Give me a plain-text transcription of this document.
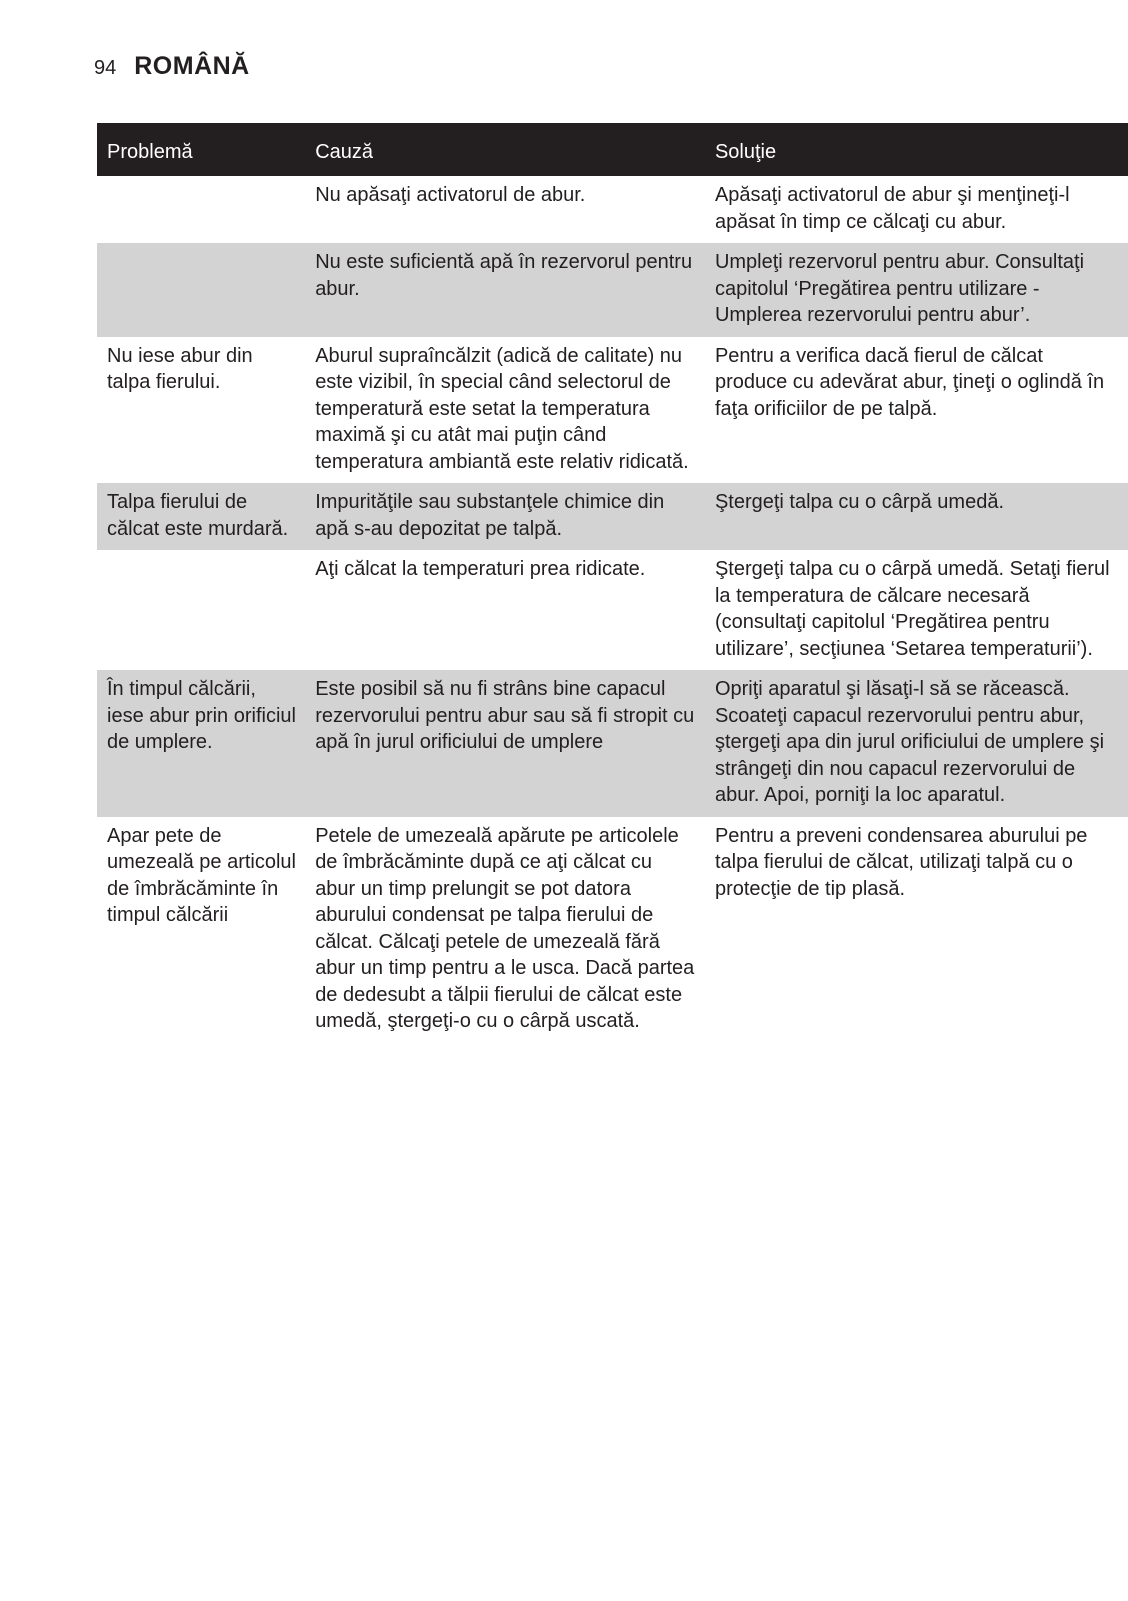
94 ROMÂNĂ
Problemă	Cauză	Soluţie
	Nu apăsaţi activatorul de abur.	Apăsaţi activatorul de abur şi menţineţi-l apăsat în timp ce călcaţi cu abur.
	Nu este suficientă apă în rezervorul pentru abur.	Umpleţi rezervorul pentru abur. Consultaţi capitolul ‘Pregătirea pentru utilizare - Umplerea rezervorului pentru abur’.
Nu iese abur din talpa fierului.	Aburul supraîncălzit (adică de calitate) nu este vizibil, în special când selectorul de temperatură este setat la temperatura maximă şi cu atât mai puţin când temperatura ambiantă este relativ ridicată.	Pentru a verifica dacă fierul de călcat produce cu adevărat abur, ţineţi o oglindă în faţa orificiilor de pe talpă.
Talpa fierului de călcat este murdară.	Impurităţile sau substanţele chimice din apă s-au depozitat pe talpă.	Ştergeţi talpa cu o cârpă umedă.
	Aţi călcat la temperaturi prea ridicate.	Ştergeţi talpa cu o cârpă umedă. Setaţi fierul la temperatura de călcare necesară (consultaţi capitolul ‘Pregătirea pentru utilizare’, secţiunea ‘Setarea temperaturii’).
În timpul călcării, iese abur prin orificiul de umplere.	Este posibil să nu fi strâns bine capacul rezervorului pentru abur sau să fi stropit cu apă în jurul orificiului de umplere	Opriţi aparatul şi lăsaţi-l să se răcească. Scoateţi capacul rezervorului pentru abur, ştergeţi apa din jurul orificiului de umplere şi strângeţi din nou capacul rezervorului de abur. Apoi, porniţi la loc aparatul.
Apar pete de umezeală pe articolul de îmbrăcăminte în timpul călcării	Petele de umezeală apărute pe articolele de îmbrăcăminte după ce aţi călcat cu abur un timp prelungit se pot datora aburului condensat pe talpa fierului de călcat. Călcaţi petele de umezeală fără abur un timp pentru a le usca. Dacă partea de dedesubt a tălpii fierului de călcat este umedă, ştergeţi-o cu o cârpă uscată.	Pentru a preveni condensarea aburului pe talpa fierului de călcat, utilizaţi talpă cu o protecţie de tip plasă.
